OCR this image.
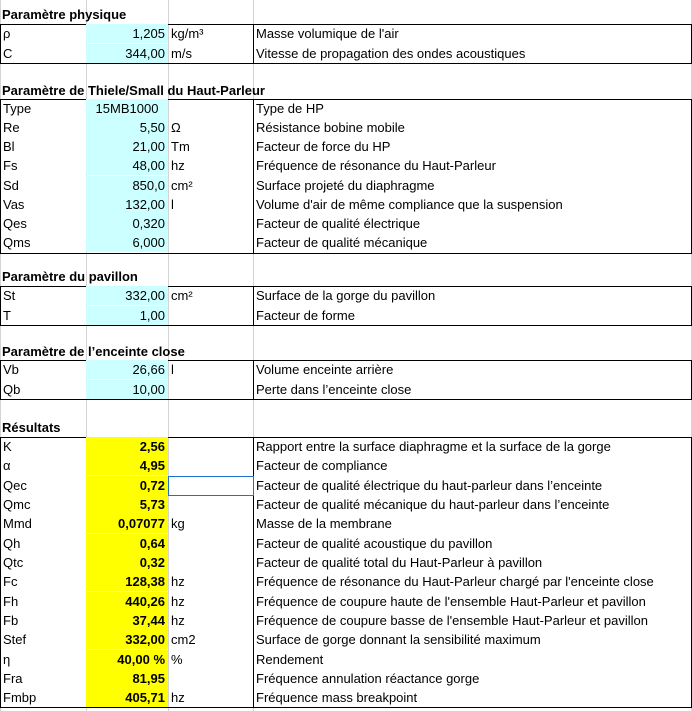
Paramètre physique
ρ	1,205 kg/m³	Masse volumique de l'air
C	344,00 m/s	Vitesse de propagation des ondes acoustiques
Paramètre de Thiele/Small du Haut-Parleur
Type	15MB1000	Type de HP
Re	5,50 Ω	Résistance bobine mobile
Bl	21,00 Tm	Facteur de force du HP
Fs	48,00 hz	Fréquence de résonance du Haut-Parleur
Sd	850,0 cm²	Surface projeté du diaphragme
Vas	132,00 l	Volume d'air de même compliance que la suspension
Qes	0,320	Facteur de qualité électrique
Qms	6,000	Facteur de qualité mécanique
Paramètre du pavillon
St	332,00 cm²	Surface de la gorge du pavillon
T	1,00	Facteur de forme
Paramètre de l’enceinte close
Vb	26,66 l	Volume enceinte arrière
Qb	10,00	Perte dans l’enceinte close
Résultats
K	2,56	Rapport entre la surface diaphragme et la surface de la gorge
α	4,95	Facteur de compliance
Qec	0,72	Facteur de qualité électrique du haut-parleur dans l’enceinte
Qmc	5,73	Facteur de qualité mécanique du haut-parleur dans l’enceinte
Mmd	0,07077 kg	Masse de la membrane
Qh	0,64	Facteur de qualité acoustique du pavillon
Qtc	0,32	Facteur de qualité total du Haut-Parleur à pavillon
Fc	128,38 hz	Fréquence de résonance du Haut-Parleur chargé par l'enceinte close
Fh	440,26 hz	Fréquence de coupure haute de l'ensemble Haut-Parleur et pavillon
Fb	37,44 hz	Fréquence de coupure basse de l'ensemble Haut-Parleur et pavillon
Stef	332,00 cm2	Surface de gorge donnant la sensibilité maximum
η	40,00 % %	Rendement
Fra	81,95	Fréquence annulation réactance gorge
Fmbp	405,71 hz	Fréquence mass breakpoint
